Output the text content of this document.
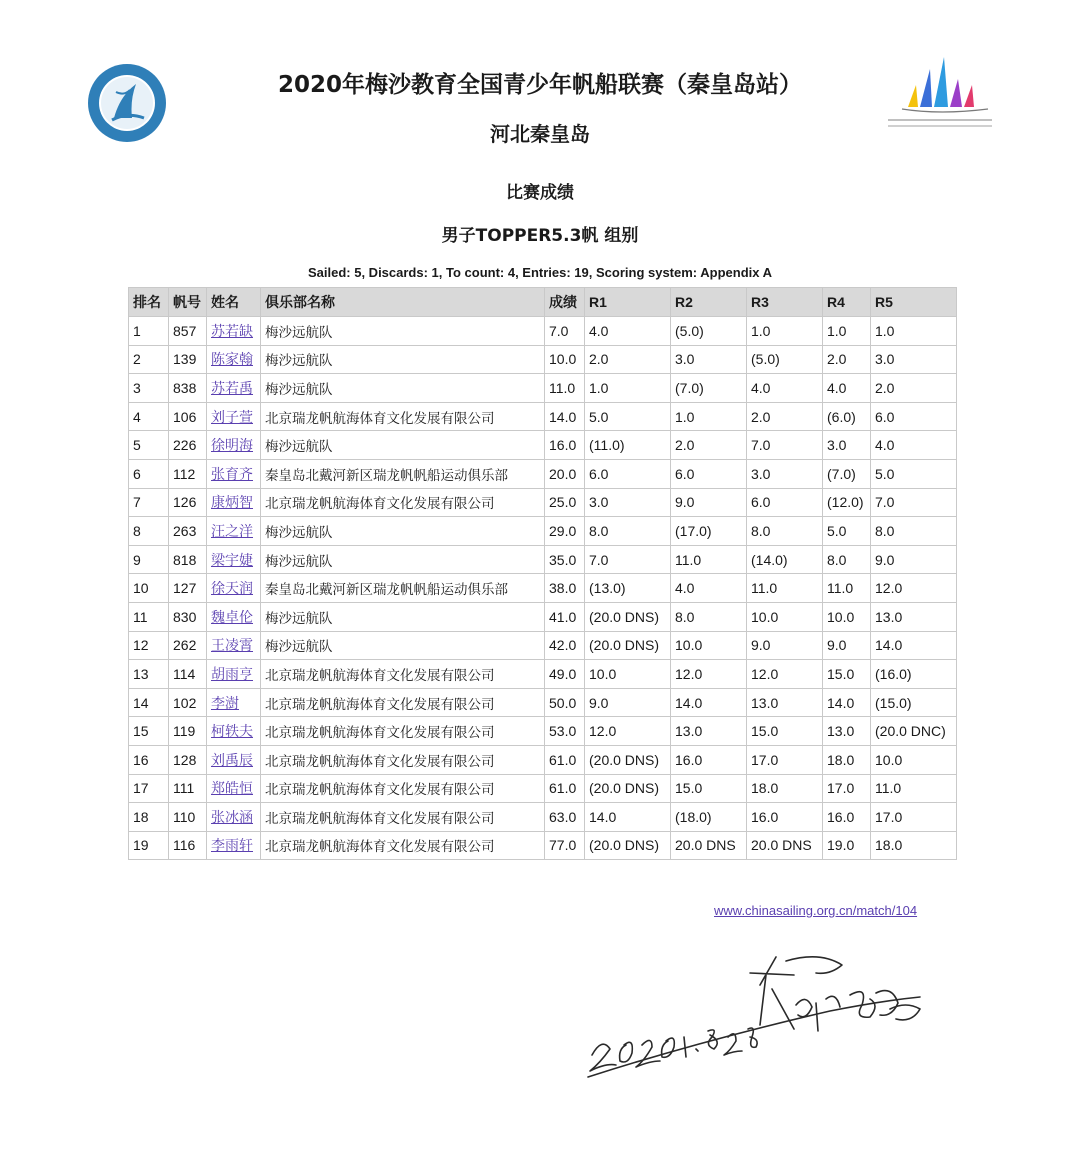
2020年梅沙教育全国青少年帆船联赛（秦皇岛站）
河北秦皇岛
比赛成绩
男子TOPPER5.3帆 组别
Sailed: 5, Discards: 1, To count: 4, Entries: 19, Scoring system: Appendix A
排名	帆号	姓名	俱乐部名称	成绩	R1	R2	R3	R4	R5
1	857	苏若缺	梅沙远航队	7.0	4.0	(5.0)	1.0	1.0	1.0
2	139	陈家翰	梅沙远航队	10.0	2.0	3.0	(5.0)	2.0	3.0
3	838	苏若禹	梅沙远航队	11.0	1.0	(7.0)	4.0	4.0	2.0
4	106	刘子萱	北京瑞龙帆航海体育文化发展有限公司	14.0	5.0	1.0	2.0	(6.0)	6.0
5	226	徐明海	梅沙远航队	16.0	(11.0)	2.0	7.0	3.0	4.0
6	112	张育齐	秦皇岛北戴河新区瑞龙帆帆船运动俱乐部	20.0	6.0	6.0	3.0	(7.0)	5.0
7	126	康炳智	北京瑞龙帆航海体育文化发展有限公司	25.0	3.0	9.0	6.0	(12.0)	7.0
8	263	汪之洋	梅沙远航队	29.0	8.0	(17.0)	8.0	5.0	8.0
9	818	梁宇婕	梅沙远航队	35.0	7.0	11.0	(14.0)	8.0	9.0
10	127	徐天润	秦皇岛北戴河新区瑞龙帆帆船运动俱乐部	38.0	(13.0)	4.0	11.0	11.0	12.0
11	830	魏卓伦	梅沙远航队	41.0	(20.0 DNS)	8.0	10.0	10.0	13.0
12	262	王凌霄	梅沙远航队	42.0	(20.0 DNS)	10.0	9.0	9.0	14.0
13	114	胡雨亨	北京瑞龙帆航海体育文化发展有限公司	49.0	10.0	12.0	12.0	15.0	(16.0)
14	102	李澍	北京瑞龙帆航海体育文化发展有限公司	50.0	9.0	14.0	13.0	14.0	(15.0)
15	119	柯轶夫	北京瑞龙帆航海体育文化发展有限公司	53.0	12.0	13.0	15.0	13.0	(20.0 DNC)
16	128	刘禹辰	北京瑞龙帆航海体育文化发展有限公司	61.0	(20.0 DNS)	16.0	17.0	18.0	10.0
17	111	郑皓恒	北京瑞龙帆航海体育文化发展有限公司	61.0	(20.0 DNS)	15.0	18.0	17.0	11.0
18	110	张冰涵	北京瑞龙帆航海体育文化发展有限公司	63.0	14.0	(18.0)	16.0	16.0	17.0
19	116	李雨轩	北京瑞龙帆航海体育文化发展有限公司	77.0	(20.0 DNS)	20.0 DNS	20.0 DNS	19.0	18.0
www.chinasailing.org.cn/match/104
